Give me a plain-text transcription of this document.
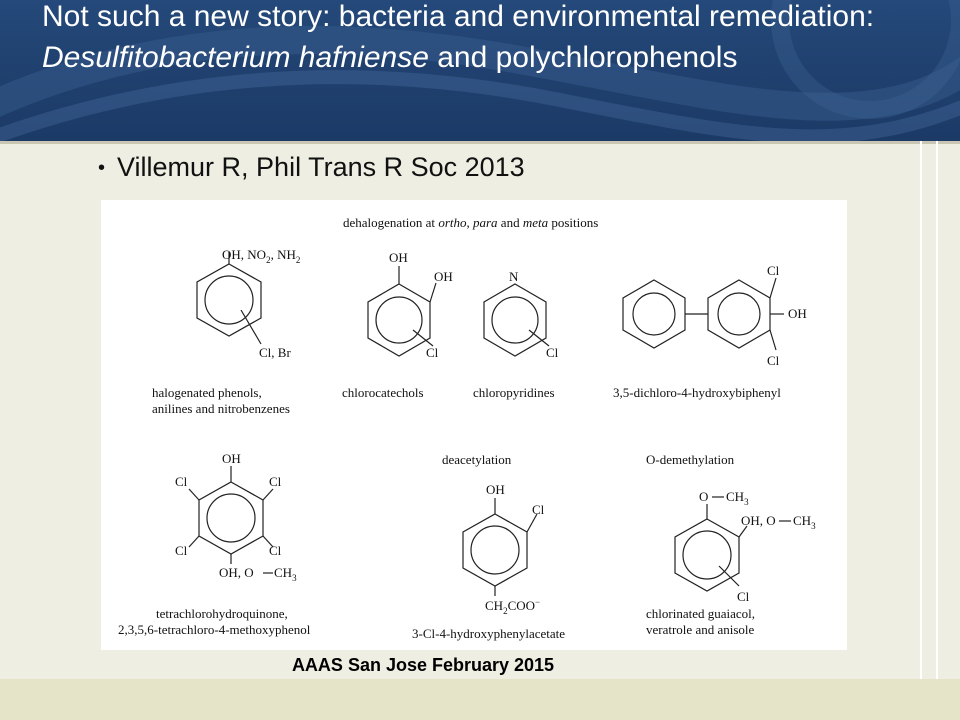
Not such a new story: bacteria and environmental remediation: Desulfitobacterium hafniense and polychlorophenols
• Villemur R, Phil Trans R Soc 2013
dehalogenation at ortho, para and meta positions
OH, $NO_2$, $NH_2$
Cl, Br
halogenated phenols,
anilines and nitrobenzenes
OH
OH
Cl
chlorocatechols
N
Cl
chloropyridines
Cl
OH
Cl
3,5-dichloro-4-hydroxybiphenyl
OH
Cl	Cl
Cl	Cl
OH, O $CH_3$
tetrachlorohydroquinone,
2,3,5,6-tetrachloro-4-methoxyphenol
deacetylation
OH
Cl
$CH_2COO^-$
3-Cl-4-hydroxyphenylacetate
O-demethylation
O $CH_3$
OH, O $CH_3$
Cl
chlorinated guaiacol,
veratrole and anisole
AAAS San Jose February 2015
